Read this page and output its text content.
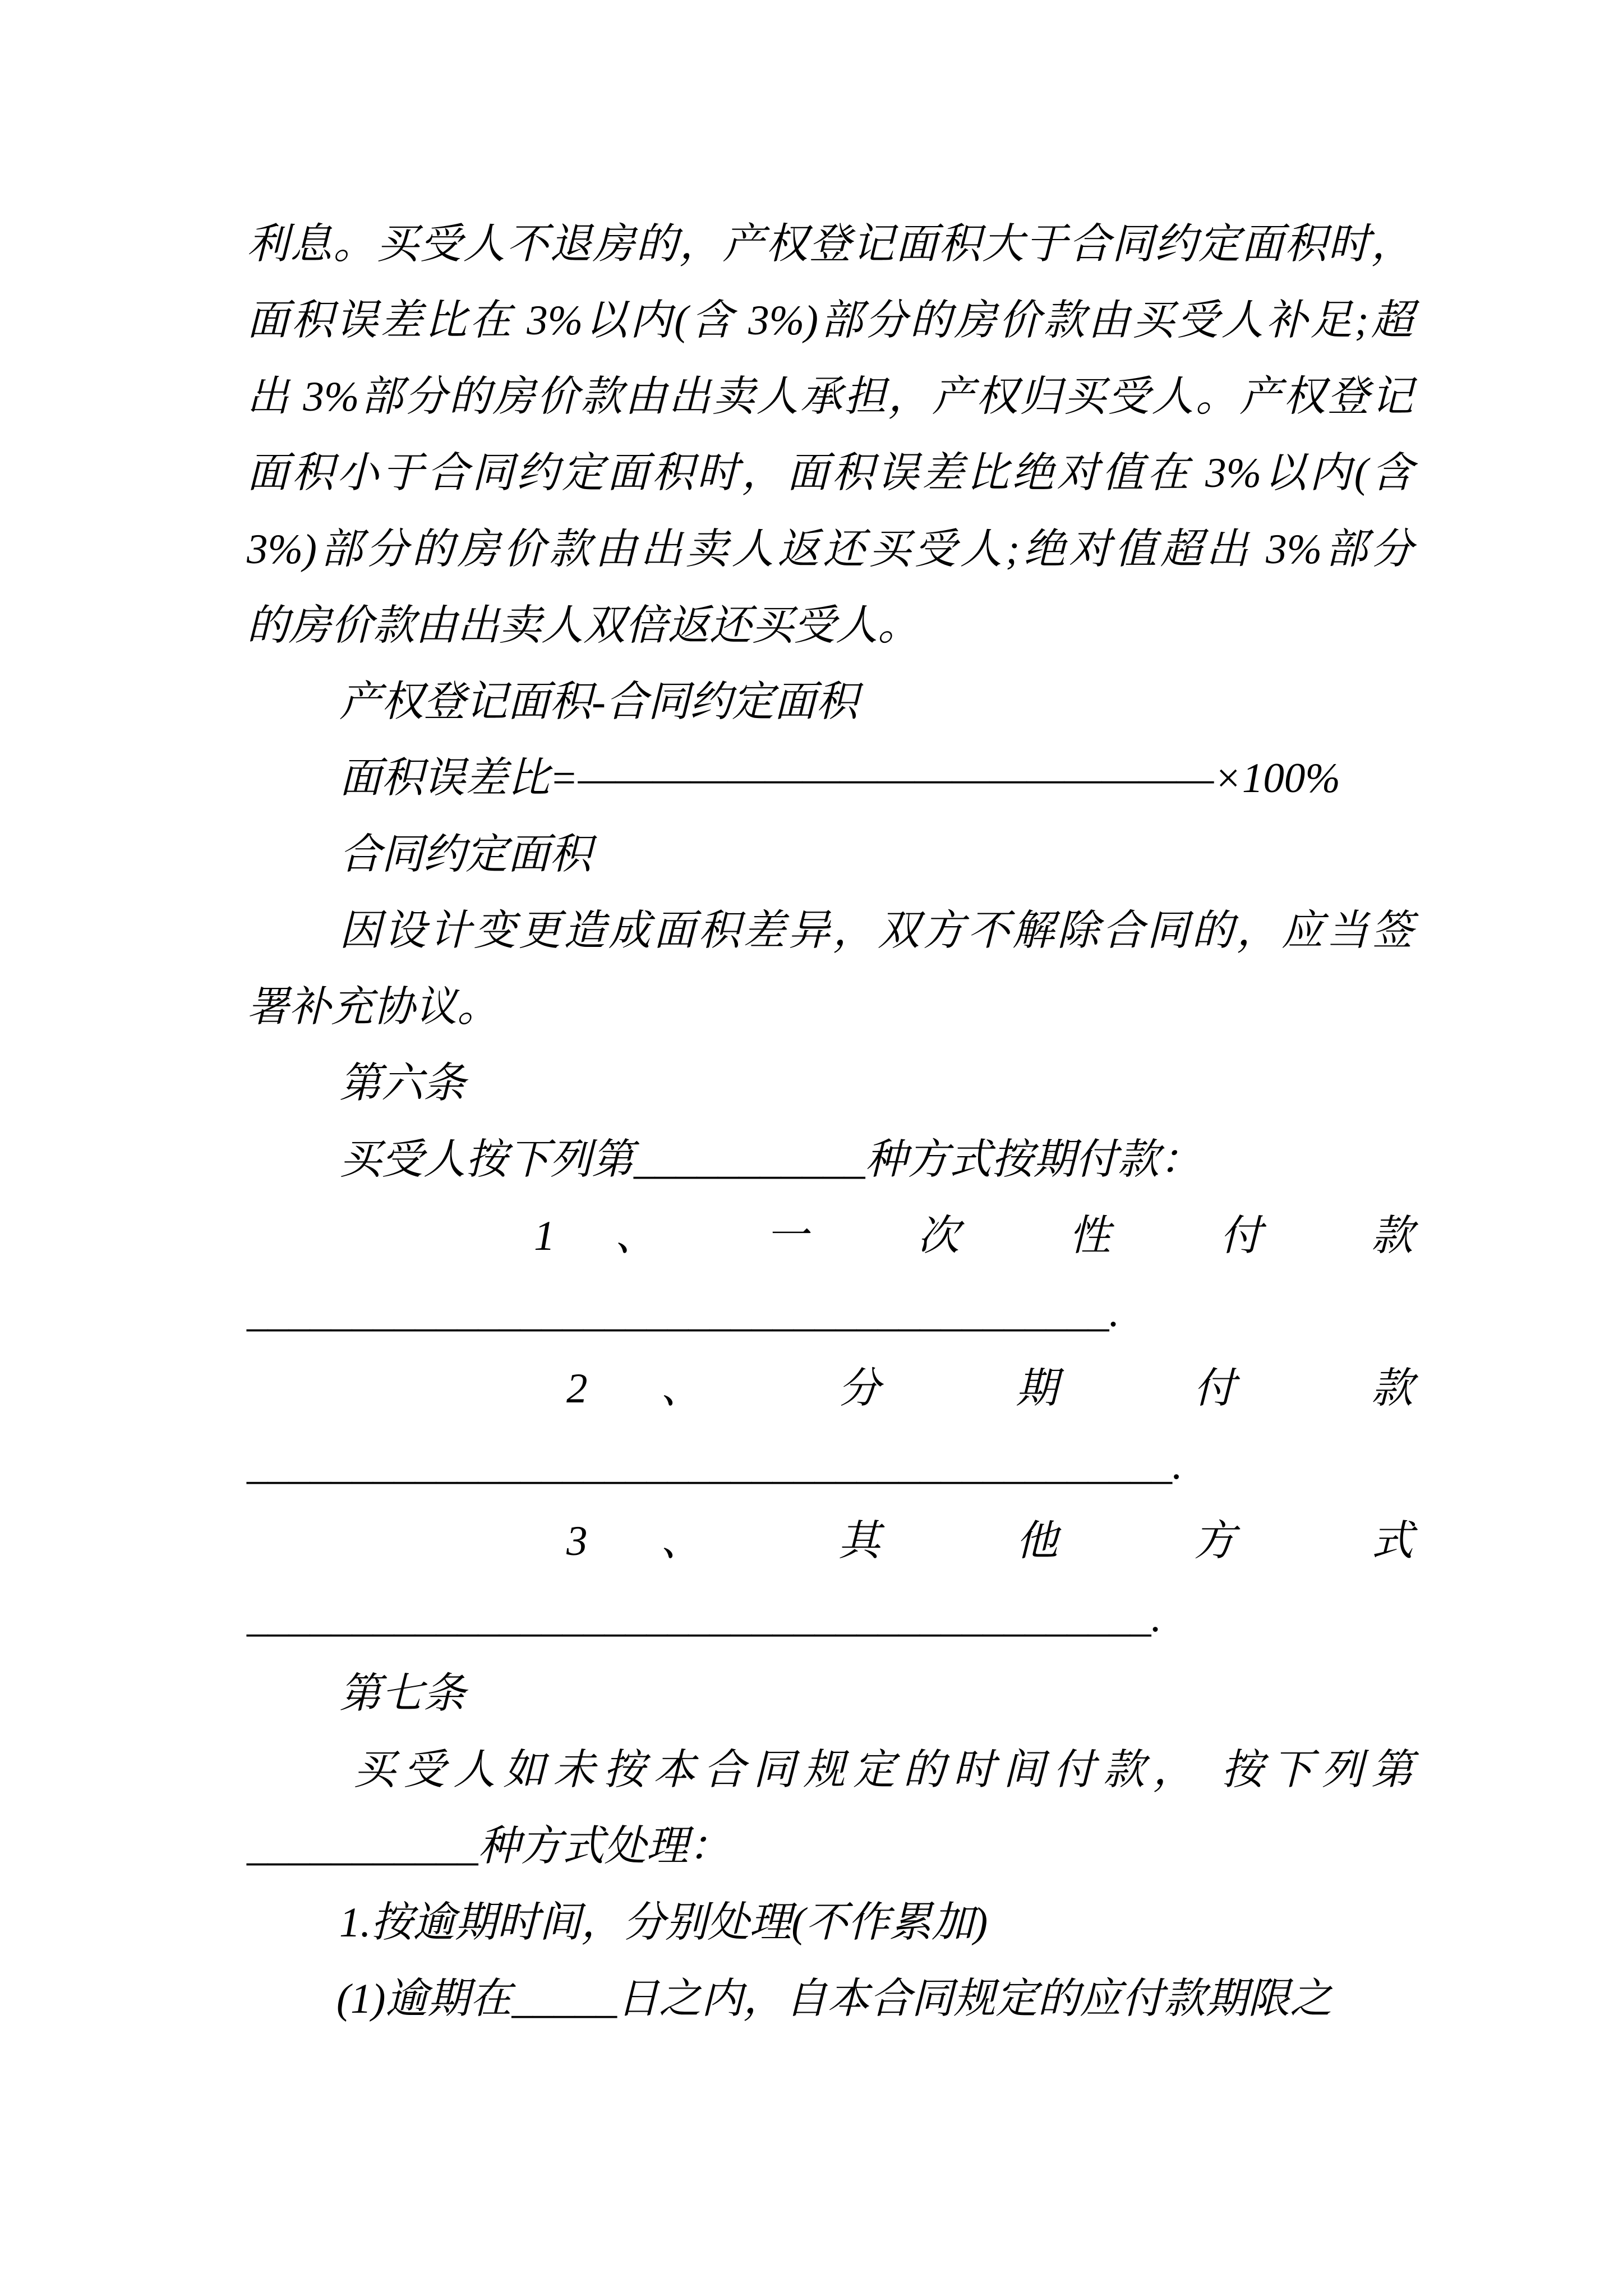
利息。买受人不退房的，产权登记面积大于合同约定面积时，
面积误差比在 3%以内(含 3%)部分的房价款由买受人补足;超
出 3%部分的房价款由出卖人承担，产权归买受人。产权登记
面积小于合同约定面积时，面积误差比绝对值在 3%以内(含
3%)部分的房价款由出卖人返还买受人;绝对值超出 3%部分
的房价款由出卖人双倍返还买受人。
产权登记面积-合同约定面积
面积误差比=—————————————————×100%
合同约定面积
因设计变更造成面积差异，双方不解除合同的，应当签
署补充协议。
第六条
买受人按下列第___________种方式按期付款：
1 、 一 次 性 付 款
_________________________________________.
2 、 分 期 付 款
____________________________________________.
3 、 其 他 方 式
___________________________________________.
第七条
买受人如未按本合同规定的时间付款， 按下列第
___________种方式处理：
1.按逾期时间，分别处理(不作累加)
(1)逾期在_____日之内，自本合同规定的应付款期限之
